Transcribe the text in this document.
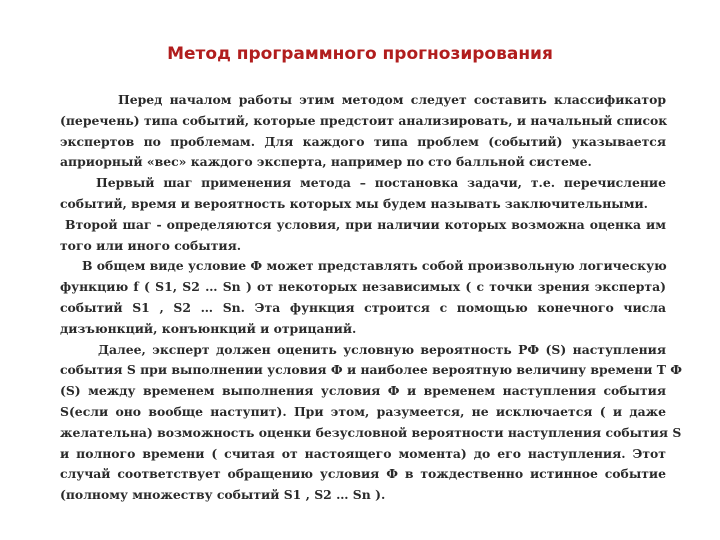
Метод программного прогнозирования
Перед началом работы этим методом следует составить классификатор
(перечень) типа событий, которые предстоит анализировать, и начальный список
экспертов по проблемам. Для каждого типа проблем (событий) указывается
априорный «вес» каждого эксперта, например по сто балльной системе.
Первый шаг применения метода – постановка задачи, т.е. перечисление
событий, время и вероятность которых мы будем называть заключительными.
Второй шаг - определяются условия, при наличии которых возможна оценка им
того или иного события.
В общем виде условие Ф может представлять собой произвольную логическую
функцию f ( S1, S2 … Sn ) от некоторых независимых ( с точки зрения эксперта)
событий S1 , S2 … Sn. Эта функция строится с помощью конечного числа
дизъюнкций, конъюнкций и отрицаний.
Далее, эксперт должен оценить условную вероятность PФ (S) наступления
события S при выполнении условия Ф и наиболее вероятную величину времени T Ф
(S) между временем выполнения условия Ф и временем наступления события
S(если оно вообще наступит). При этом, разумеется, не исключается ( и даже
желательна) возможность оценки безусловной вероятности наступления события S
и полного времени ( считая от настоящего момента) до его наступления. Этот
случай соответствует обращению условия Ф в тождественно истинное событие
(полному множеству событий S1 , S2 … Sn ).
